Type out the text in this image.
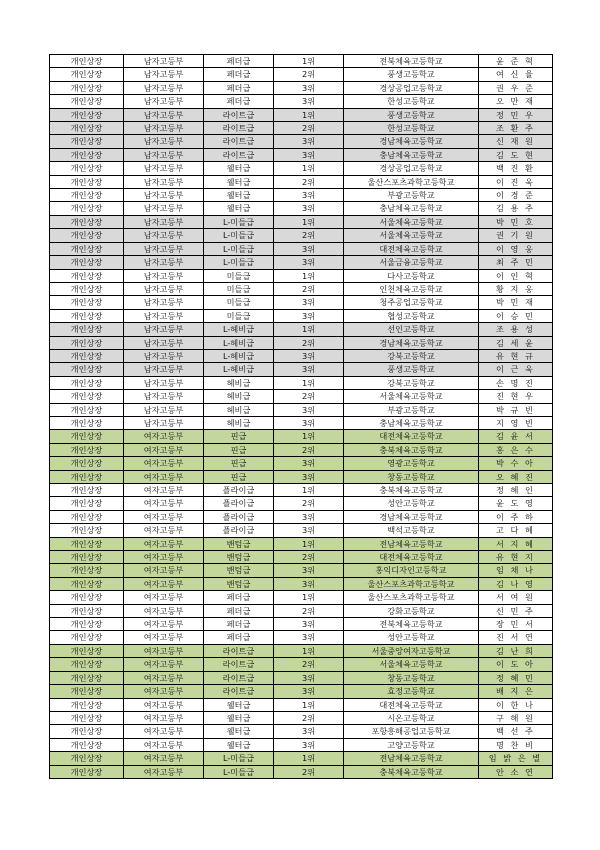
개인상장	남자고등부	페더급	1위	전북체육고등학교	윤 준 혁
개인상장	남자고등부	페더급	2위	풍생고등학교	여 신 율
개인상장	남자고등부	페더급	3위	경상공업고등학교	권 우 준
개인상장	남자고등부	페더급	3위	한성고등학교	오 만 재
개인상장	남자고등부	라이트급	1위	풍생고등학교	정 민 우
개인상장	남자고등부	라이트급	2위	한성고등학교	조 환 주
개인상장	남자고등부	라이트급	3위	경남체육고등학교	신 재 원
개인상장	남자고등부	라이트급	3위	충남체육고등학교	김 도 현
개인상장	남자고등부	웰터급	1위	경상공업고등학교	백 진 환
개인상장	남자고등부	웰터급	2위	울산스포츠과학고등학교	이 진 욱
개인상장	남자고등부	웰터급	3위	부광고등학교	이 경 준
개인상장	남자고등부	웰터급	3위	충남체육고등학교	김 용 주
개인상장	남자고등부	L-미들급	1위	서울체육고등학교	박 민 호
개인상장	남자고등부	L-미들급	2위	서울체육고등학교	권 기 원
개인상장	남자고등부	L-미들급	3위	대전체육고등학교	이 영 웅
개인상장	남자고등부	L-미들급	3위	서울금융고등학교	최 주 민
개인상장	남자고등부	미들급	1위	다사고등학교	이 인 혁
개인상장	남자고등부	미들급	2위	인천체육고등학교	황 지 웅
개인상장	남자고등부	미들급	3위	청주공업고등학교	박 민 재
개인상장	남자고등부	미들급	3위	협성고등학교	이 승 민
개인상장	남자고등부	L-헤비급	1위	선인고등학교	조 용 성
개인상장	남자고등부	L-헤비급	2위	경남체육고등학교	김 세 윤
개인상장	남자고등부	L-헤비급	3위	강북고등학교	유 현 규
개인상장	남자고등부	L-헤비급	3위	풍생고등학교	이 근 욱
개인상장	남자고등부	헤비급	1위	강북고등학교	손 명 진
개인상장	남자고등부	헤비급	2위	서울체육고등학교	진 현 우
개인상장	남자고등부	헤비급	3위	부광고등학교	박 규 빈
개인상장	남자고등부	헤비급	3위	충남체육고등학교	지 영 빈
개인상장	여자고등부	핀급	1위	대전체육고등학교	김 윤 서
개인상장	여자고등부	핀급	2위	충북체육고등학교	홍 은 수
개인상장	여자고등부	핀급	3위	영광고등학교	박 수 아
개인상장	여자고등부	핀급	3위	창동고등학교	오 혜 진
개인상장	여자고등부	플라이급	1위	충북체육고등학교	정 혜 인
개인상장	여자고등부	플라이급	2위	성안고등학교	윤 도 영
개인상장	여자고등부	플라이급	3위	경남체육고등학교	이 주 하
개인상장	여자고등부	플라이급	3위	백석고등학교	고 다 혜
개인상장	여자고등부	밴텀급	1위	전남체육고등학교	서 지 혜
개인상장	여자고등부	밴텀급	2위	대전체육고등학교	유 현 지
개인상장	여자고등부	밴텀급	3위	홍익디자인고등학교	임 채 나
개인상장	여자고등부	밴텀급	3위	울산스포츠과학고등학교	김 나 영
개인상장	여자고등부	페더급	1위	울산스포츠과학고등학교	서 여 원
개인상장	여자고등부	페더급	2위	강화고등학교	신 민 주
개인상장	여자고등부	페더급	3위	전북체육고등학교	장 민 서
개인상장	여자고등부	페더급	3위	성안고등학교	진 서 연
개인상장	여자고등부	라이트급	1위	서울중앙여자고등학교	김 난 희
개인상장	여자고등부	라이트급	2위	서울체육고등학교	이 도 아
개인상장	여자고등부	라이트급	3위	창동고등학교	정 혜 민
개인상장	여자고등부	라이트급	3위	효정고등학교	배 지 은
개인상장	여자고등부	웰터급	1위	대전체육고등학교	이 한 나
개인상장	여자고등부	웰터급	2위	시온고등학교	구 해 원
개인상장	여자고등부	웰터급	3위	포항흥해공업고등학교	백 선 주
개인상장	여자고등부	웰터급	3위	고양고등학교	명 찬 비
개인상장	여자고등부	L-미들급	1위	전남체육고등학교	임 밝 은 별
개인상장	여자고등부	L-미들급	2위	충북체육고등학교	안 소 연
